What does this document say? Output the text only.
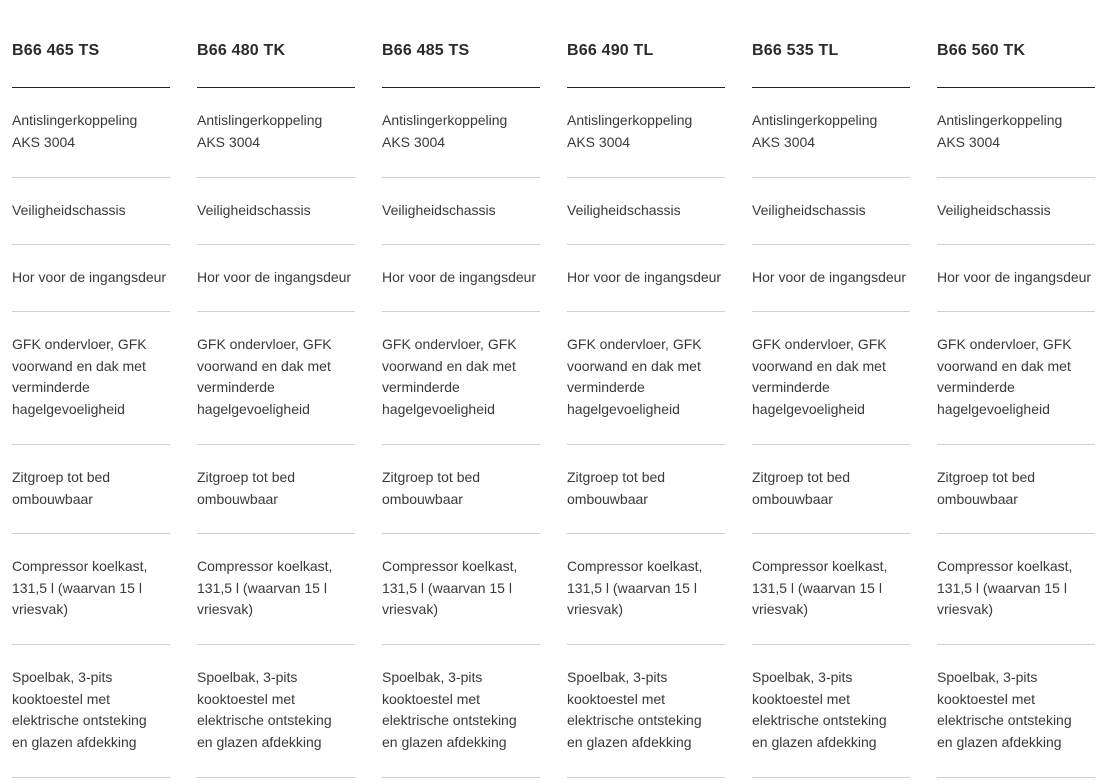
B66 465 TS
Antislingerkoppeling
AKS 3004
Veiligheidschassis
Hor voor de ingangsdeur
GFK ondervloer, GFK
voorwand en dak met
verminderde
hagelgevoeligheid
Zitgroep tot bed
ombouwbaar
Compressor koelkast,
131,5 l (waarvan 15 l
vriesvak)
Spoelbak, 3-pits
kooktoestel met
elektrische ontsteking
en glazen afdekking
B66 480 TK
Antislingerkoppeling
AKS 3004
Veiligheidschassis
Hor voor de ingangsdeur
GFK ondervloer, GFK
voorwand en dak met
verminderde
hagelgevoeligheid
Zitgroep tot bed
ombouwbaar
Compressor koelkast,
131,5 l (waarvan 15 l
vriesvak)
Spoelbak, 3-pits
kooktoestel met
elektrische ontsteking
en glazen afdekking
B66 485 TS
Antislingerkoppeling
AKS 3004
Veiligheidschassis
Hor voor de ingangsdeur
GFK ondervloer, GFK
voorwand en dak met
verminderde
hagelgevoeligheid
Zitgroep tot bed
ombouwbaar
Compressor koelkast,
131,5 l (waarvan 15 l
vriesvak)
Spoelbak, 3-pits
kooktoestel met
elektrische ontsteking
en glazen afdekking
B66 490 TL
Antislingerkoppeling
AKS 3004
Veiligheidschassis
Hor voor de ingangsdeur
GFK ondervloer, GFK
voorwand en dak met
verminderde
hagelgevoeligheid
Zitgroep tot bed
ombouwbaar
Compressor koelkast,
131,5 l (waarvan 15 l
vriesvak)
Spoelbak, 3-pits
kooktoestel met
elektrische ontsteking
en glazen afdekking
B66 535 TL
Antislingerkoppeling
AKS 3004
Veiligheidschassis
Hor voor de ingangsdeur
GFK ondervloer, GFK
voorwand en dak met
verminderde
hagelgevoeligheid
Zitgroep tot bed
ombouwbaar
Compressor koelkast,
131,5 l (waarvan 15 l
vriesvak)
Spoelbak, 3-pits
kooktoestel met
elektrische ontsteking
en glazen afdekking
B66 560 TK
Antislingerkoppeling
AKS 3004
Veiligheidschassis
Hor voor de ingangsdeur
GFK ondervloer, GFK
voorwand en dak met
verminderde
hagelgevoeligheid
Zitgroep tot bed
ombouwbaar
Compressor koelkast,
131,5 l (waarvan 15 l
vriesvak)
Spoelbak, 3-pits
kooktoestel met
elektrische ontsteking
en glazen afdekking
